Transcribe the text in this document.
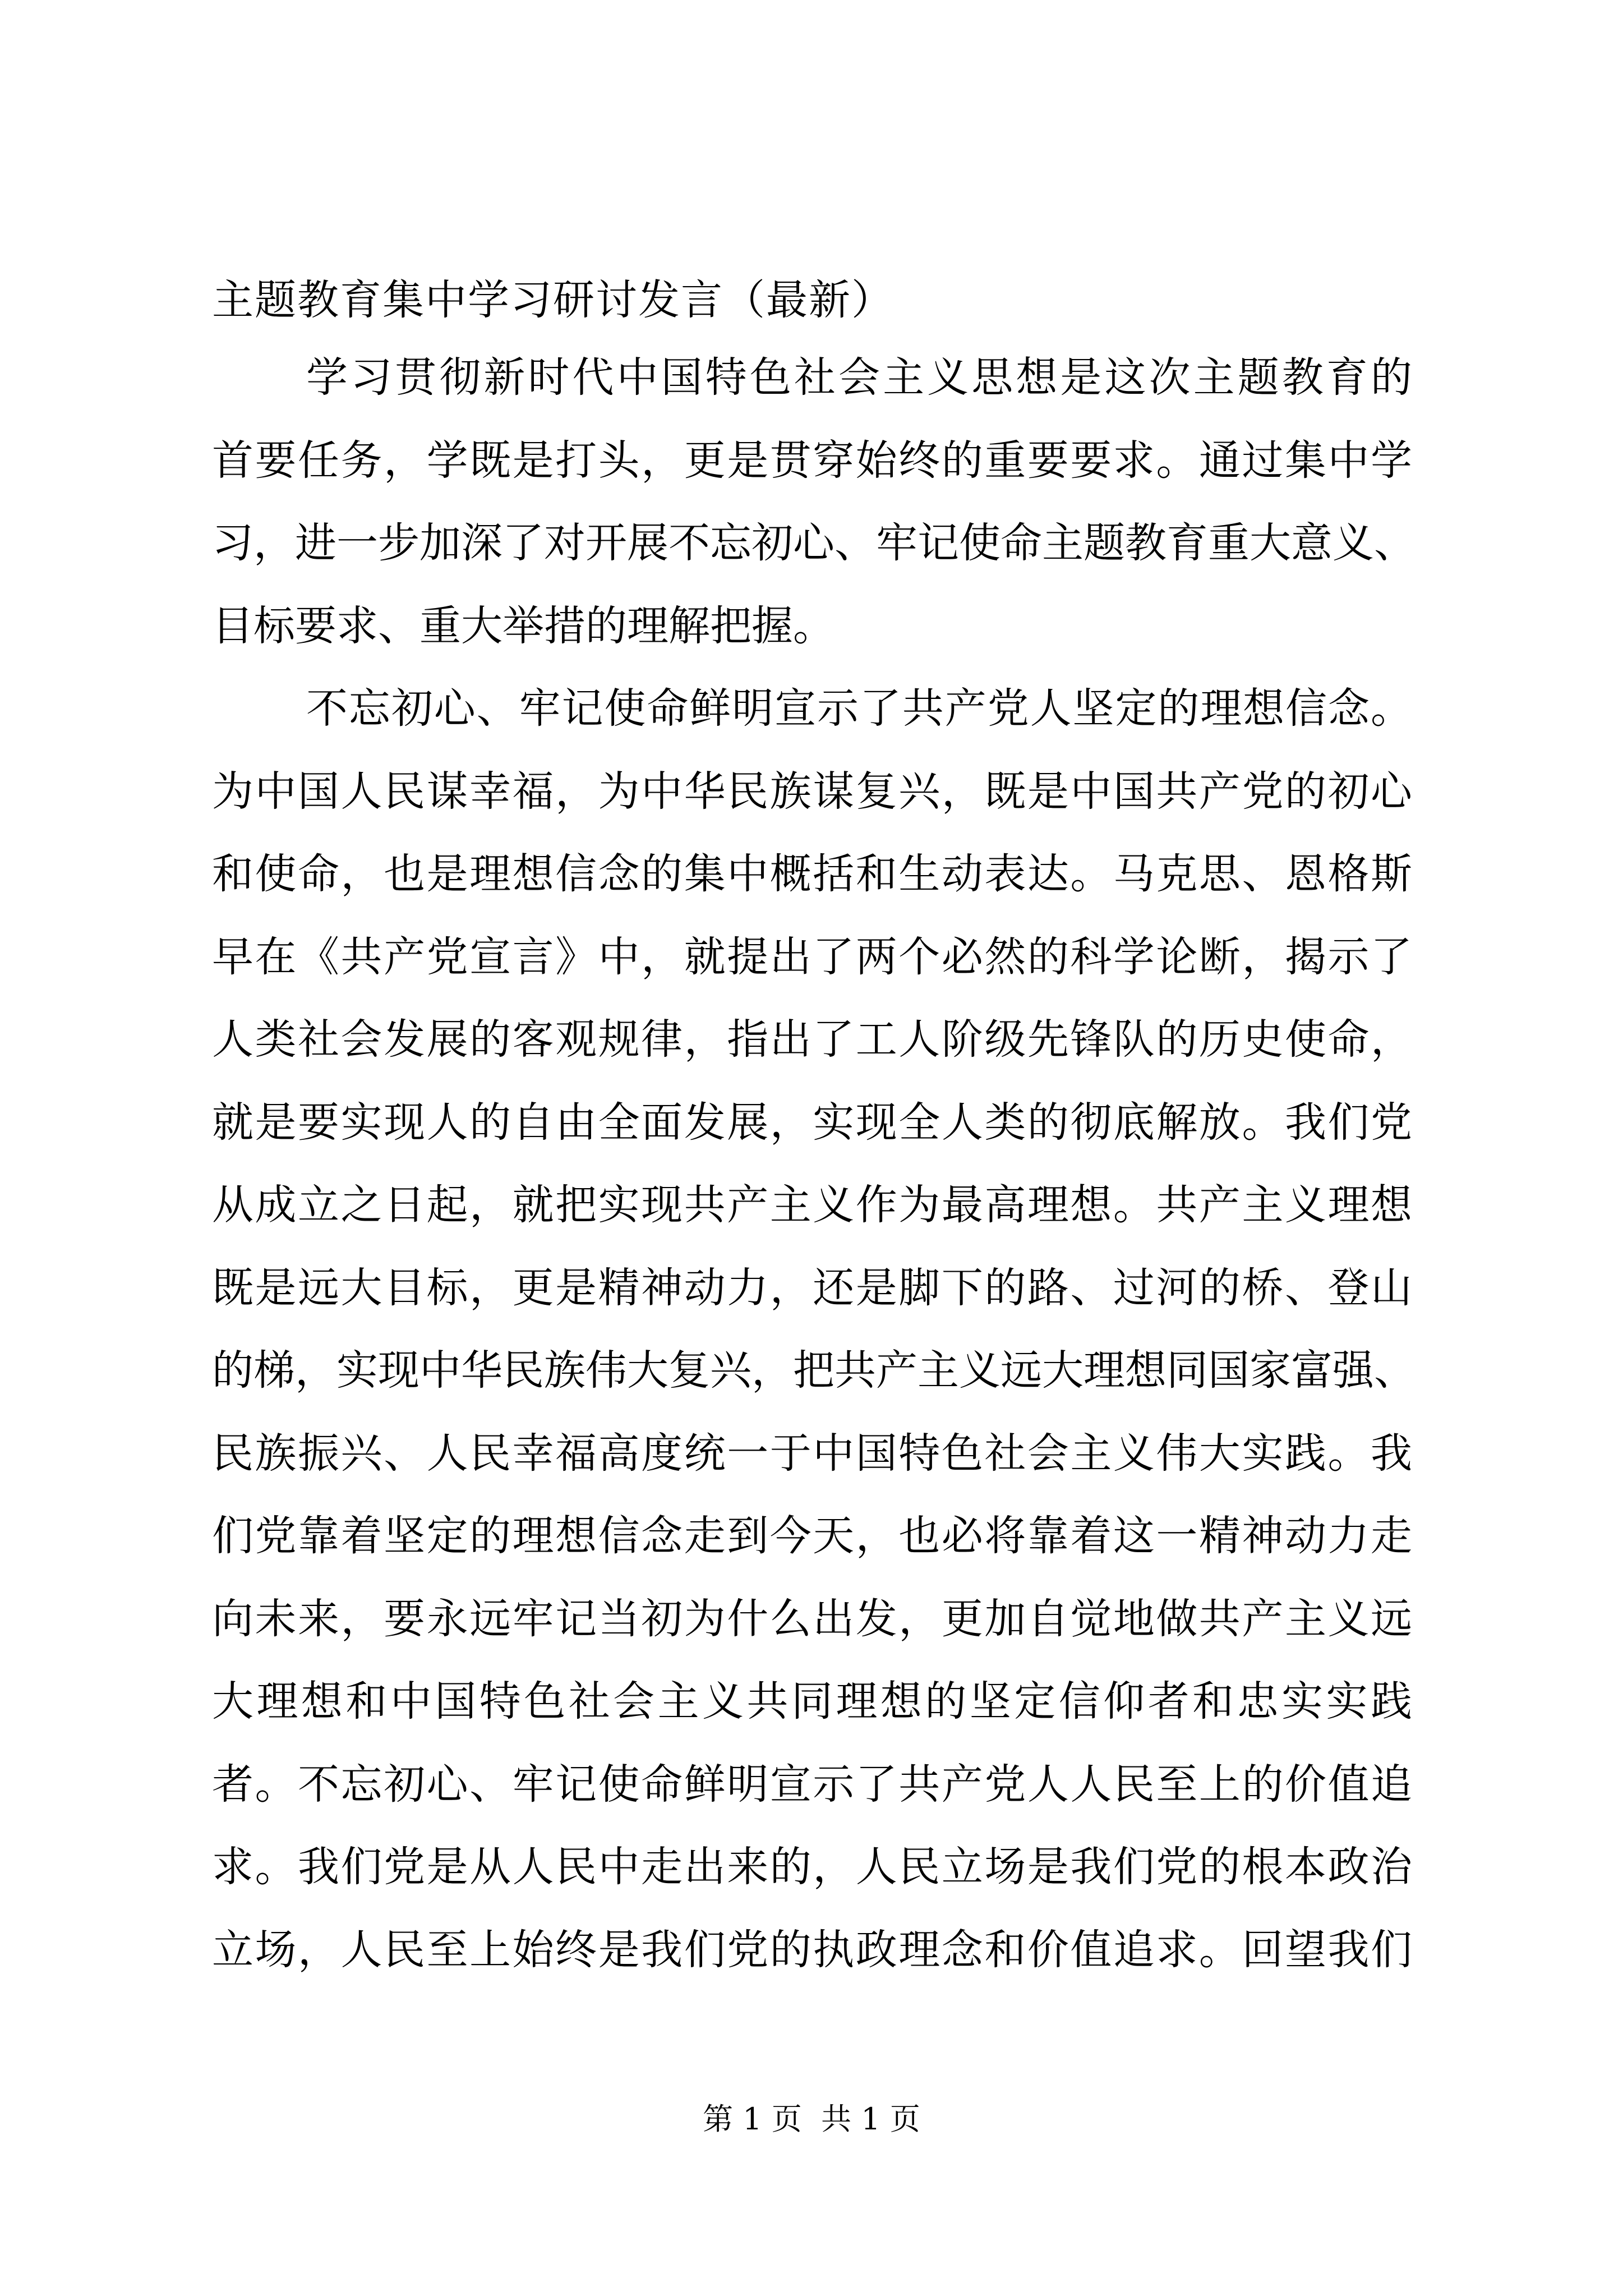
主题教育集中学习研讨发言（最新）
学习贯彻新时代中国特色社会主义思想是这次主题教育的
首要任务，学既是打头，更是贯穿始终的重要要求。通过集中学
习，进一步加深了对开展不忘初心、牢记使命主题教育重大意义、
目标要求、重大举措的理解把握。
不忘初心、牢记使命鲜明宣示了共产党人坚定的理想信念。
为中国人民谋幸福，为中华民族谋复兴，既是中国共产党的初心
和使命，也是理想信念的集中概括和生动表达。马克思、恩格斯
早在《共产党宣言》中，就提出了两个必然的科学论断，揭示了
人类社会发展的客观规律，指出了工人阶级先锋队的历史使命，
就是要实现人的自由全面发展，实现全人类的彻底解放。我们党
从成立之日起，就把实现共产主义作为最高理想。共产主义理想
既是远大目标，更是精神动力，还是脚下的路、过河的桥、登山
的梯，实现中华民族伟大复兴，把共产主义远大理想同国家富强、
民族振兴、人民幸福高度统一于中国特色社会主义伟大实践。我
们党靠着坚定的理想信念走到今天，也必将靠着这一精神动力走
向未来，要永远牢记当初为什么出发，更加自觉地做共产主义远
大理想和中国特色社会主义共同理想的坚定信仰者和忠实实践
者。不忘初心、牢记使命鲜明宣示了共产党人人民至上的价值追
求。我们党是从人民中走出来的，人民立场是我们党的根本政治
立场，人民至上始终是我们党的执政理念和价值追求。回望我们
第 1 页  共 1 页
